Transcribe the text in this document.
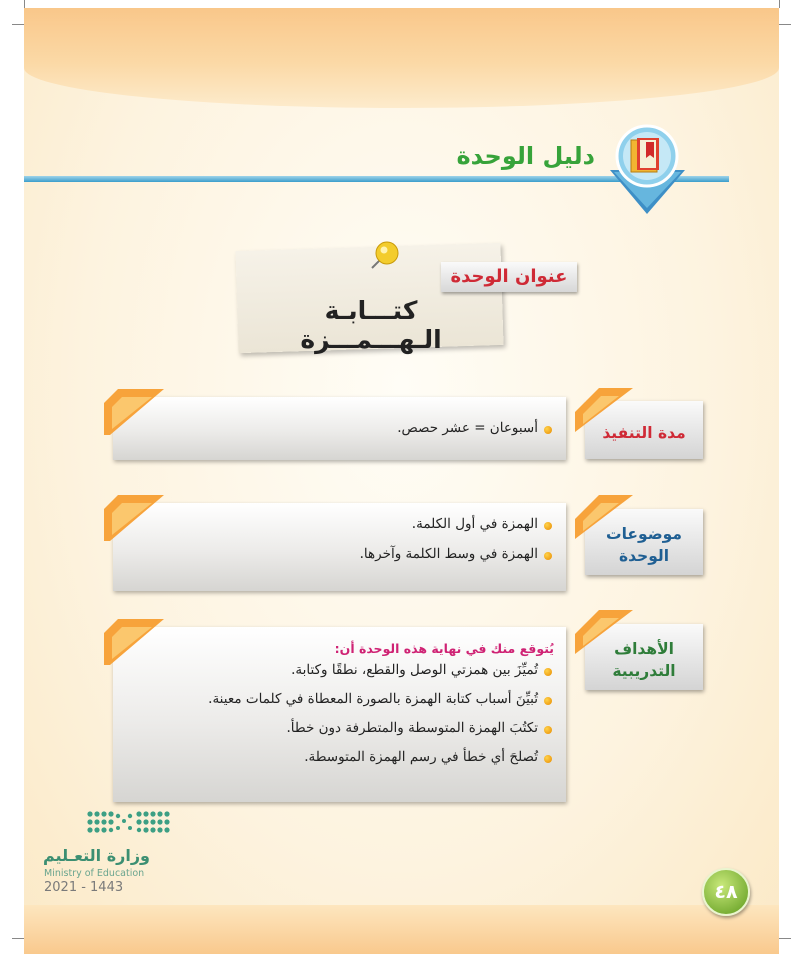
دليل الوحدة
عنوان الوحدة
كتـــابـة الـهـــمـــزة
أسبوعان = عشر حصص.	مدة التنفيذ
الهمزة في أول الكلمة.
الهمزة في وسط الكلمة وآخرها.
موضوعات
الوحدة
يُتوقع منك في نهاية هذه الوحدة أن:
تُميِّزَ بين همزتي الوصل والقطع، نطقًا وكتابة.
تُبيِّنَ أسباب كتابة الهمزة بالصورة المعطاة في كلمات معينة.
تكتُبَ الهمزة المتوسطة والمتطرفة دون خطأ.
تُصلحَ أي خطأ في رسم الهمزة المتوسطة.
الأهداف
التدريبية
وزارة التعـليم
Ministry of Education
2021 - 1443	٤٨
